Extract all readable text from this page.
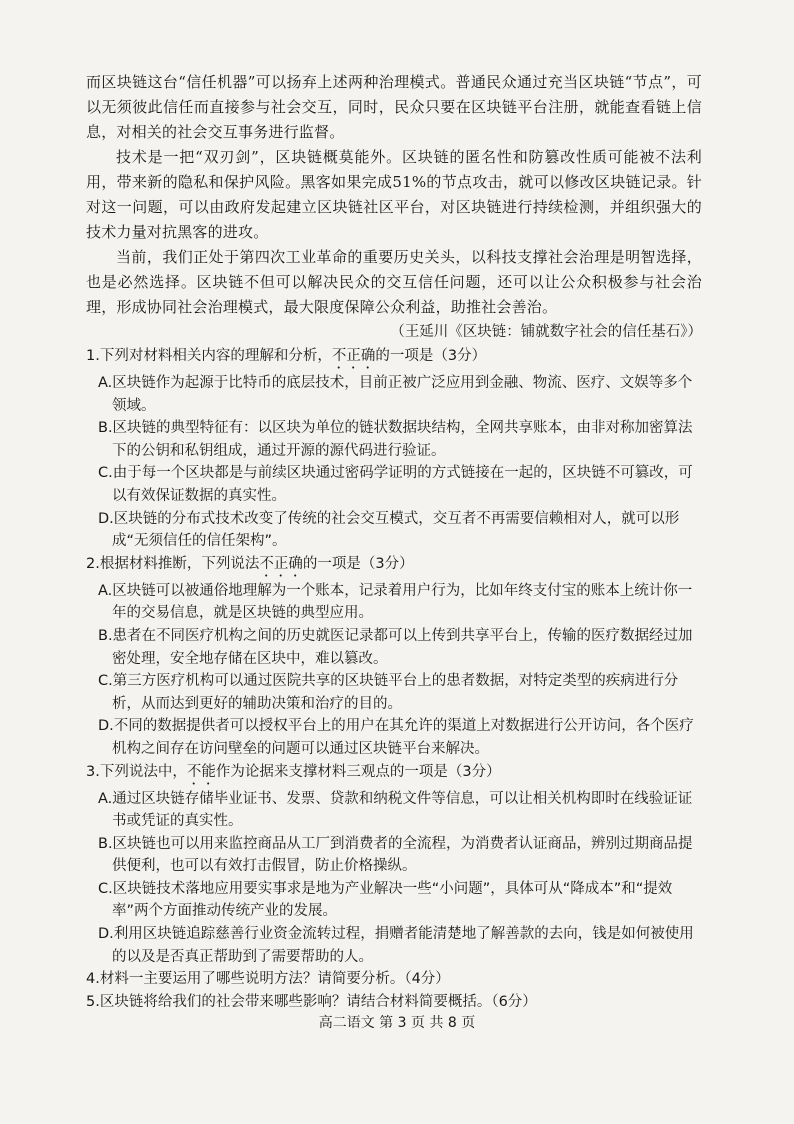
而区块链这台“信任机器”可以扬弃上述两种治理模式。普通民众通过充当区块链“节点”，可以无须彼此信任而直接参与社会交互，同时，民众只要在区块链平台注册，就能查看链上信息，对相关的社会交互事务进行监督。

技术是一把“双刃剑”，区块链概莫能外。区块链的匿名性和防篡改性质可能被不法利用，带来新的隐私和保护风险。黑客如果完成51%的节点攻击，就可以修改区块链记录。针对这一问题，可以由政府发起建立区块链社区平台，对区块链进行持续检测，并组织强大的技术力量对抗黑客的进攻。

当前，我们正处于第四次工业革命的重要历史关头，以科技支撑社会治理是明智选择，也是必然选择。区块链不但可以解决民众的交互信任问题，还可以让公众积极参与社会治理，形成协同社会治理模式，最大限度保障公众利益，助推社会善治。

（王延川《区块链：铺就数字社会的信任基石》）

1.下列对材料相关内容的理解和分析，不正确的一项是（3分）

A.区块链作为起源于比特币的底层技术，目前正被广泛应用到金融、物流、医疗、文娱等多个领域。

B.区块链的典型特征有：以区块为单位的链状数据块结构，全网共享账本，由非对称加密算法下的公钥和私钥组成，通过开源的源代码进行验证。

C.由于每一个区块都是与前续区块通过密码学证明的方式链接在一起的，区块链不可篡改，可以有效保证数据的真实性。

D.区块链的分布式技术改变了传统的社会交互模式，交互者不再需要信赖相对人，就可以形成“无须信任的信任架构”。

2.根据材料推断，下列说法不正确的一项是（3分）

A.区块链可以被通俗地理解为一个账本，记录着用户行为，比如年终支付宝的账本上统计你一年的交易信息，就是区块链的典型应用。

B.患者在不同医疗机构之间的历史就医记录都可以上传到共享平台上，传输的医疗数据经过加密处理，安全地存储在区块中，难以篡改。

C.第三方医疗机构可以通过医院共享的区块链平台上的患者数据，对特定类型的疾病进行分析，从而达到更好的辅助决策和治疗的目的。

D.不同的数据提供者可以授权平台上的用户在其允许的渠道上对数据进行公开访问，各个医疗机构之间存在访问壁垒的问题可以通过区块链平台来解决。

3.下列说法中，不能作为论据来支撑材料三观点的一项是（3分）

A.通过区块链存储毕业证书、发票、贷款和纳税文件等信息，可以让相关机构即时在线验证证书或凭证的真实性。

B.区块链也可以用来监控商品从工厂到消费者的全流程，为消费者认证商品，辨别过期商品提供便利，也可以有效打击假冒，防止价格操纵。

C.区块链技术落地应用要实事求是地为产业解决一些“小问题”，具体可从“降成本”和“提效率”两个方面推动传统产业的发展。

D.利用区块链追踪慈善行业资金流转过程，捐赠者能清楚地了解善款的去向，钱是如何被使用的以及是否真正帮助到了需要帮助的人。

4.材料一主要运用了哪些说明方法？请简要分析。（4分）

5.区块链将给我们的社会带来哪些影响？请结合材料简要概括。（6分）

高二语文 第 3 页 共 8 页
